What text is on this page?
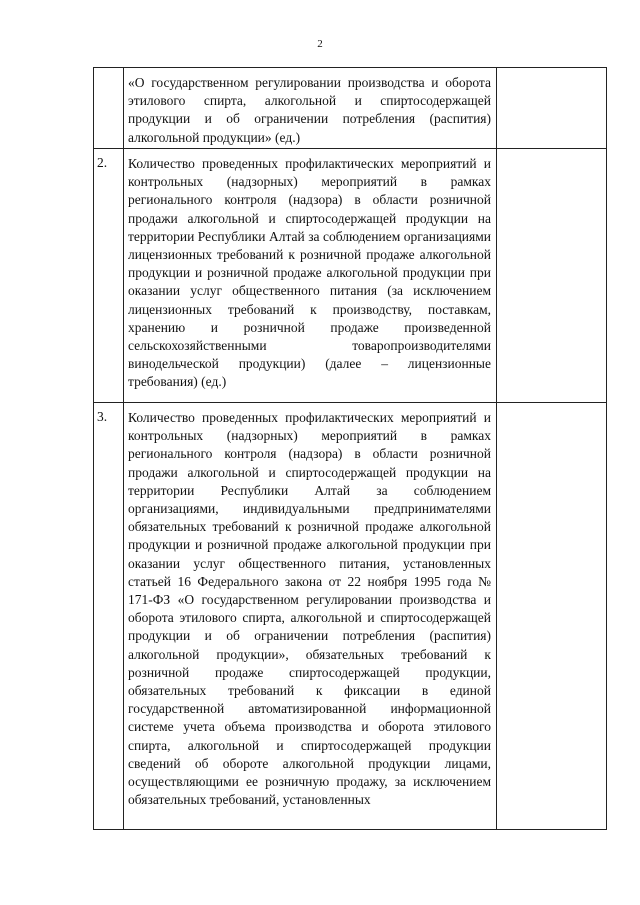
2
«О государственном регулировании производства и оборота этилового спирта, алкогольной и спиртосодержащей продукции и об ограничении потребления (распития) алкогольной продукции» (ед.)
2. Количество проведенных профилактических мероприятий и контрольных (надзорных) мероприятий в рамках регионального контроля (надзора) в области розничной продажи алкогольной и спиртосодержащей продукции на территории Республики Алтай за соблюдением организациями лицензионных требований к розничной продаже алкогольной продукции и розничной продаже алкогольной продукции при оказании услуг общественного питания (за исключением лицензионных требований к производству, поставкам, хранению и розничной продаже произведенной сельскохозяйственными товаропроизводителями винодельческой продукции) (далее – лицензионные требования) (ед.)
3. Количество проведенных профилактических мероприятий и контрольных (надзорных) мероприятий в рамках регионального контроля (надзора) в области розничной продажи алкогольной и спиртосодержащей продукции на территории Республики Алтай за соблюдением организациями, индивидуальными предпринимателями обязательных требований к розничной продаже алкогольной продукции и розничной продаже алкогольной продукции при оказании услуг общественного питания, установленных статьей 16 Федерального закона от 22 ноября 1995 года № 171-ФЗ «О государственном регулировании производства и оборота этилового спирта, алкогольной и спиртосодержащей продукции и об ограничении потребления (распития) алкогольной продукции», обязательных требований к розничной продаже спиртосодержащей продукции, обязательных требований к фиксации в единой государственной автоматизированной информационной системе учета объема производства и оборота этилового спирта, алкогольной и спиртосодержащей продукции сведений об обороте алкогольной продукции лицами, осуществляющими ее розничную продажу, за исключением обязательных требований, установленных
